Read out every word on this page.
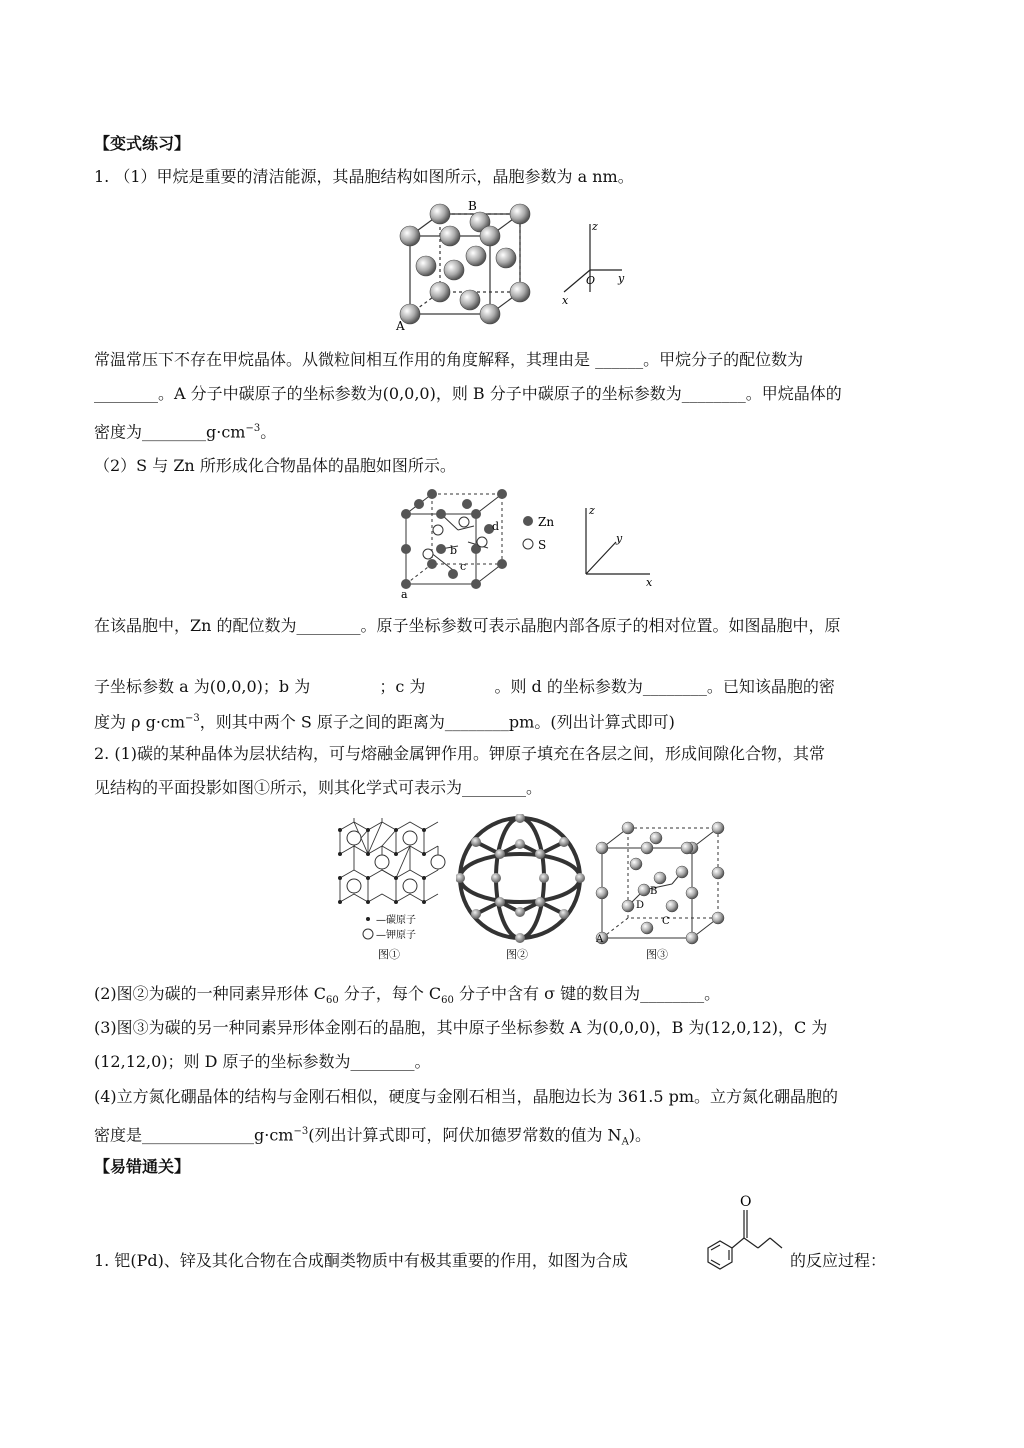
【变式练习】
1. （1）甲烷是重要的清洁能源，其晶胞结构如图所示，晶胞参数为 a nm。
B
A
z
O y
x
常温常压下不存在甲烷晶体。从微粒间相互作用的角度解释，其理由是 ______。甲烷分子的配位数为
________。A 分子中碳原子的坐标参数为(0,0,0)，则 B 分子中碳原子的坐标参数为________。甲烷晶体的
密度为$\_\_\_\_\_\_\_\_g\cdot cm^{-3}$。
（2）S 与 Zn 所形成化合物晶体的晶胞如图所示。
b
c
d
a
Zn
S
z
y
x
在该晶胞中，Zn 的配位数为________。原子坐标参数可表示晶胞内部各原子的相对位置。如图晶胞中，原
子坐标参数 a 为(0,0,0)；b 为 　　　　；c 为 　　　　。则 d 的坐标参数为________。已知该晶胞的密
度为 ρ $g\cdot cm^{-3}$，则其中两个 S 原子之间的距离为________pm。(列出计算式即可)
2. (1)碳的某种晶体为层状结构，可与熔融金属钾作用。钾原子填充在各层之间，形成间隙化合物，其常
见结构的平面投影如图①所示，则其化学式可表示为________。
—碳原子
—钾原子
图①	图②
B
D
C
A
图③
(2)图②为碳的一种同素异形体 $C_{60}$ 分子，每个 $C_{60}$ 分子中含有 σ 键的数目为________。
(3)图③为碳的另一种同素异形体金刚石的晶胞，其中原子坐标参数 A 为(0,0,0)，B 为(12,0,12)，C 为
(12,12,0)；则 D 原子的坐标参数为________。
(4)立方氮化硼晶体的结构与金刚石相似，硬度与金刚石相当，晶胞边长为 361.5 pm。立方氮化硼晶胞的
密度是$\_\_\_\_\_\_\_\_\_\_\_\_\_\_g\cdot cm^{-3}$(列出计算式即可，阿伏加德罗常数的值为 $N_A$)。
【易错通关】
1. 钯(Pd)、锌及其化合物在合成酮类物质中有极其重要的作用，如图为合成
O
的反应过程：
